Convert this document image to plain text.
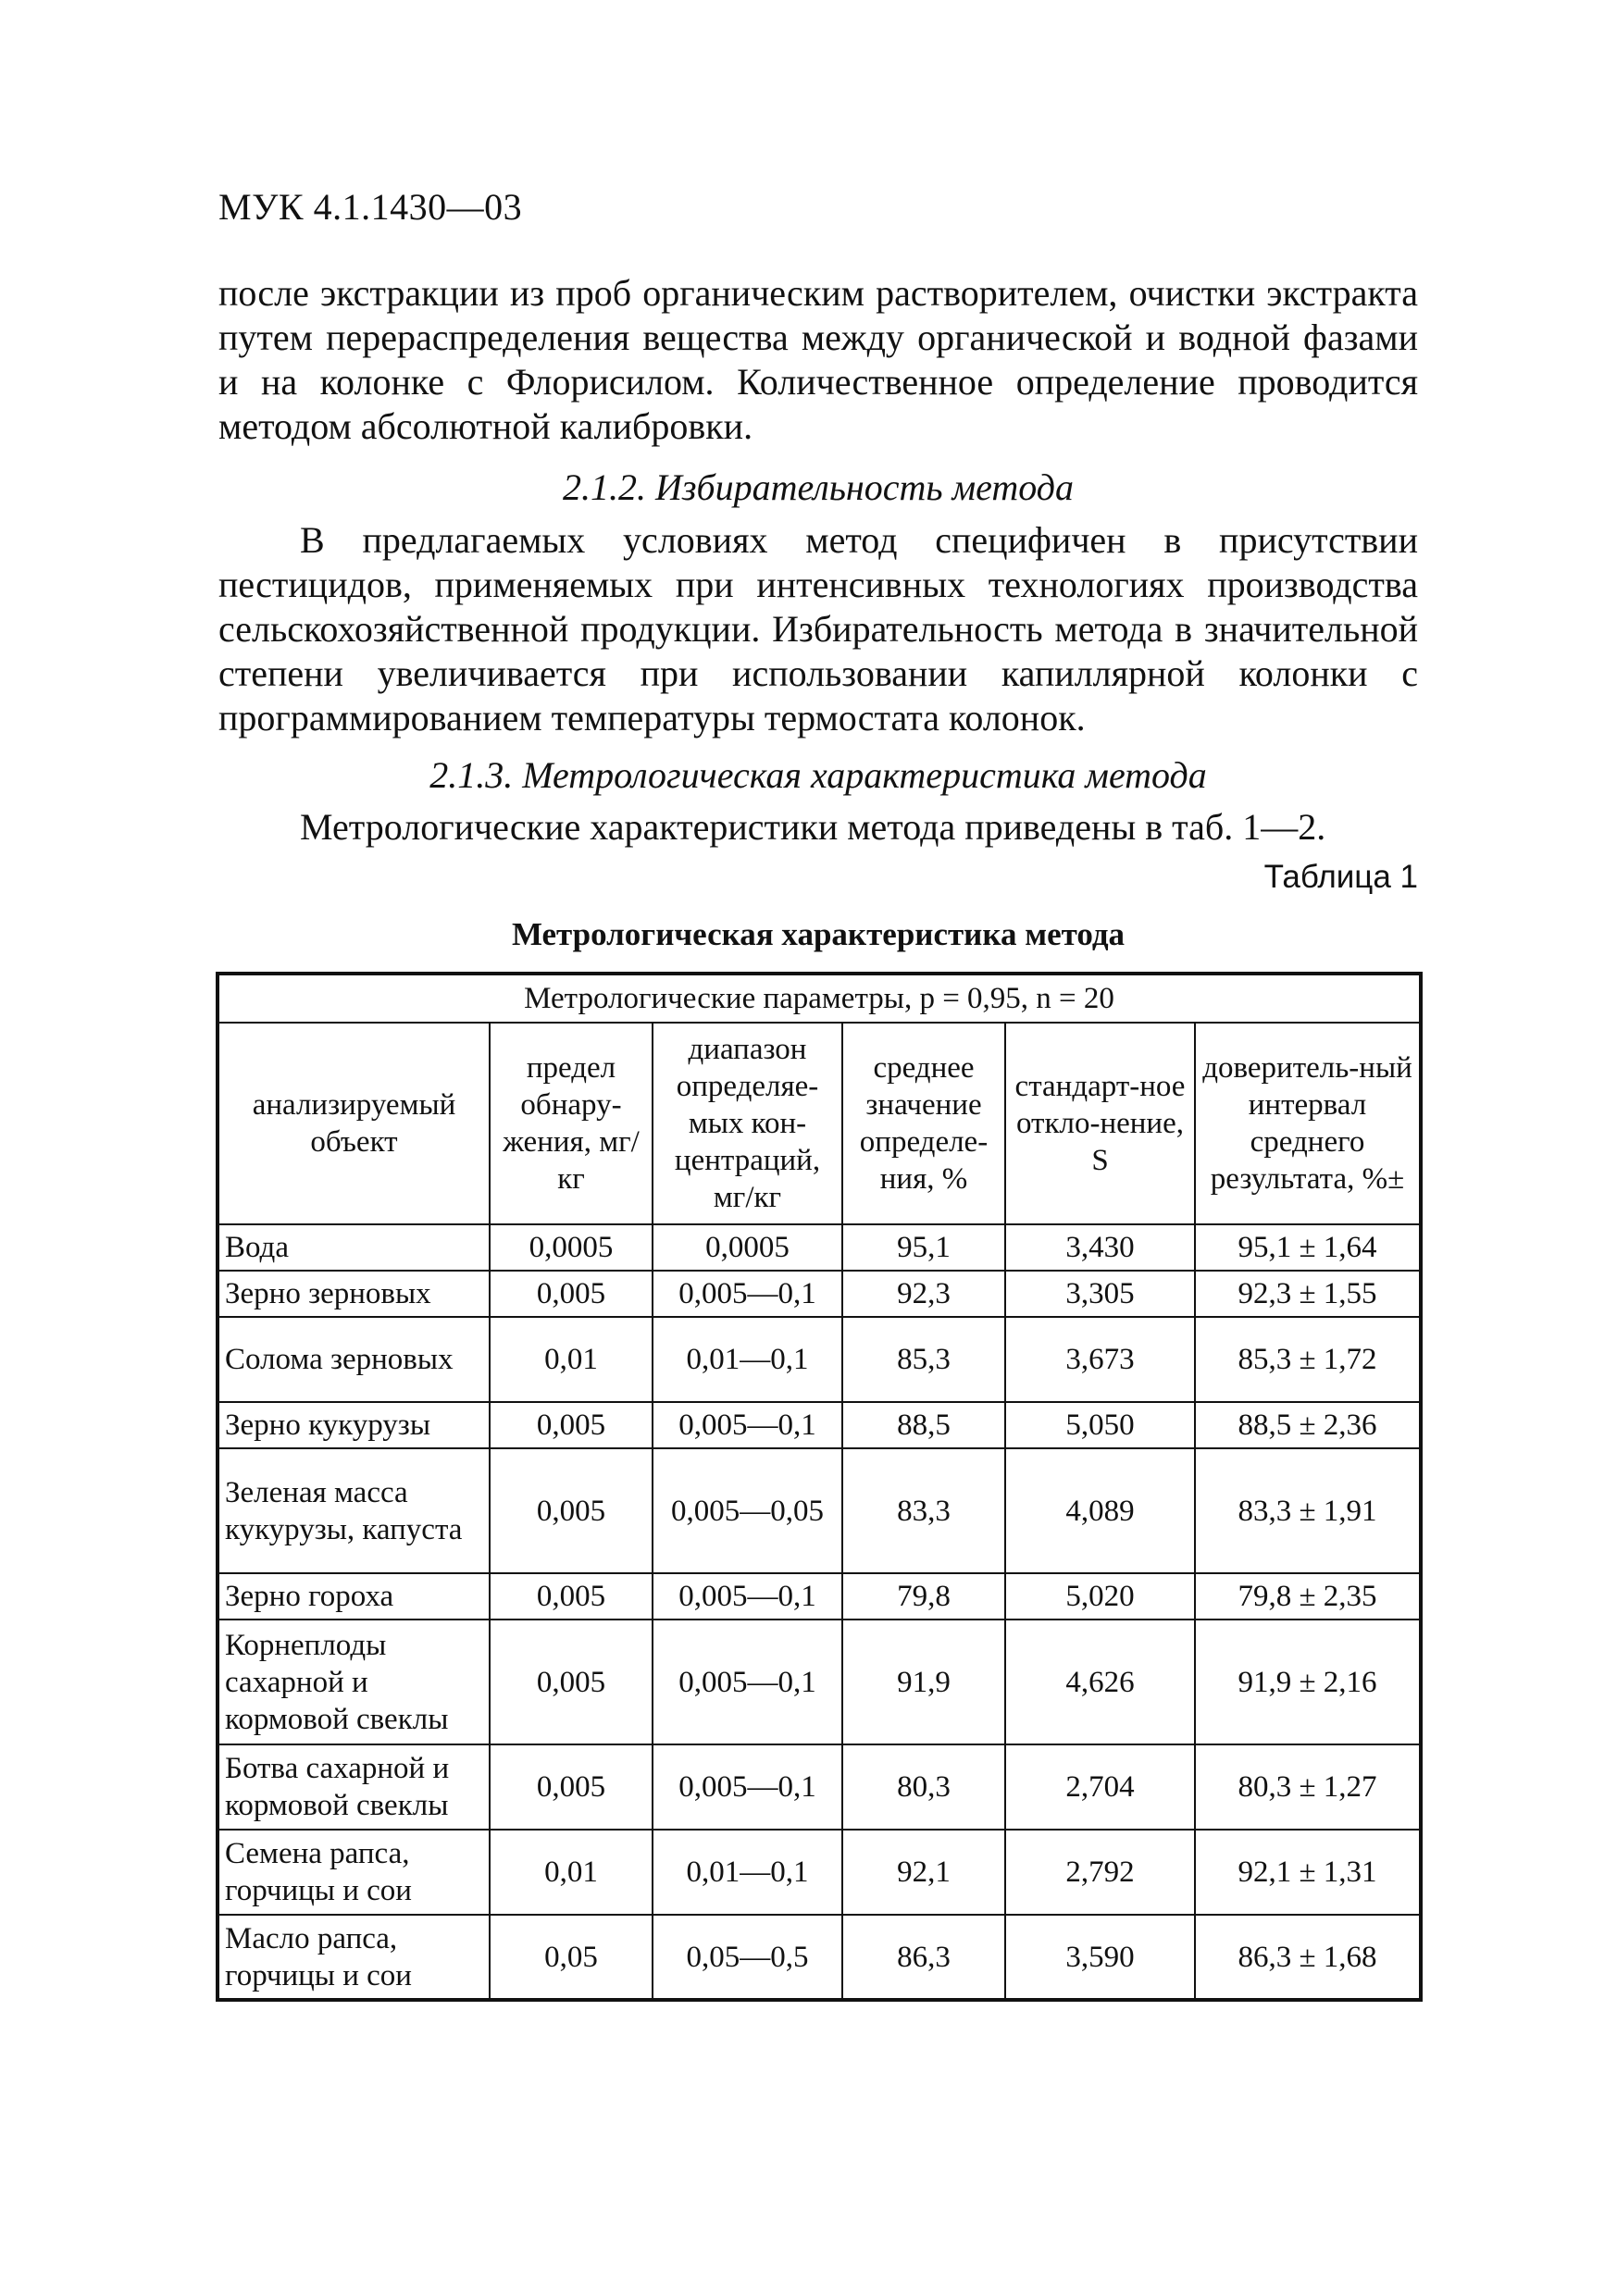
МУК 4.1.1430—03
после экстракции из проб органическим растворителем, очистки экстракта путем перераспределения вещества между органической и водной фазами и на колонке с Флорисилом. Количественное определение проводится методом абсолютной калибровки.
2.1.2. Избирательность метода
В предлагаемых условиях метод специфичен в присутствии пестицидов, применяемых при интенсивных технологиях производства сельскохозяйственной продукции. Избирательность метода в значительной степени увеличивается при использовании капиллярной колонки с программированием температуры термостата колонок.
2.1.3. Метрологическая характеристика метода
Метрологические характеристики метода приведены в таб. 1—2.
Таблица 1
Метрологическая характеристика метода
Метрологические параметры, р = 0,95, n = 20					
анализируемый объект	предел обнару-жения, мг/кг	диапазон определяе-мых кон-центраций, мг/кг	среднее значение определе-ния, %	стандарт-ное откло-нение, S	доверитель-ный интервал среднего результата, %±
Вода	0,0005	0,0005	95,1	3,430	95,1 ± 1,64
Зерно зерновых	0,005	0,005—0,1	92,3	3,305	92,3 ± 1,55
Солома зерновых	0,01	0,01—0,1	85,3	3,673	85,3 ± 1,72
Зерно кукурузы	0,005	0,005—0,1	88,5	5,050	88,5 ± 2,36
Зеленая масса кукурузы, капуста	0,005	0,005—0,05	83,3	4,089	83,3 ± 1,91
Зерно гороха	0,005	0,005—0,1	79,8	5,020	79,8 ± 2,35
Корнеплоды сахарной и кормовой свеклы	0,005	0,005—0,1	91,9	4,626	91,9 ± 2,16
Ботва сахарной и кормовой свеклы	0,005	0,005—0,1	80,3	2,704	80,3 ± 1,27
Семена рапса, горчицы и сои	0,01	0,01—0,1	92,1	2,792	92,1 ± 1,31
Масло рапса, горчицы и сои	0,05	0,05—0,5	86,3	3,590	86,3 ± 1,68
